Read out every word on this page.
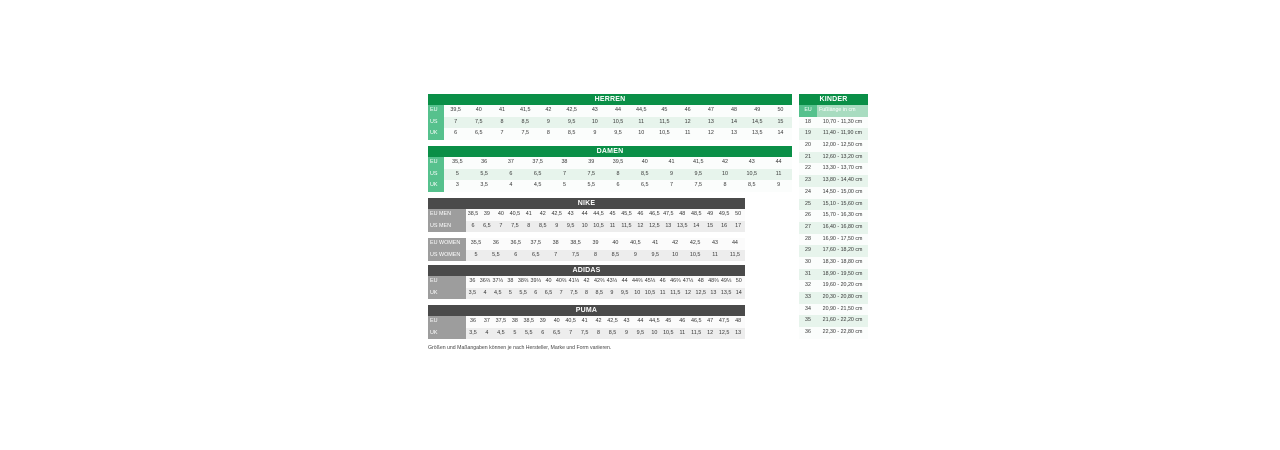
HERREN
EU	39,5	40	41	41,5	42	42,5	43	44	44,5	45	46	47	48	49	50
US	7	7,5	8	8,5	9	9,5	10	10,5	11	11,5	12	13	14	14,5	15
UK	6	6,5	7	7,5	8	8,5	9	9,5	10	10,5	11	12	13	13,5	14
DAMEN
EU	35,5	36	37	37,5	38	39	39,5	40	41	41,5	42	43	44
US	5	5,5	6	6,5	7	7,5	8	8,5	9	9,5	10	10,5	11
UK	3	3,5	4	4,5	5	5,5	6	6,5	7	7,5	8	8,5	9
NIKE
EU MEN	38,5	39	40	40,5	41	42	42,5	43	44	44,5	45	45,5	46	46,5 47,5	48	48,5	49	49,5	50
US MEN	6	6,5	7	7,5	8	8,5	9	9,5	10	10,5	11	11,5	12	12,5	13	13,5	14	15	16	17
EU WOMEN	35,5	36	36,5	37,5	38	38,5	39	40	40,5	41	42	42,5	43	44
US WOMEN	5	5,5	6	6,5	7	7,5	8	8,5	9	9,5	10	10,5	11	11,5
ADIDAS
EU	36 36⅔ 37⅓ 38 38⅔ 39⅓ 40 40⅔ 41⅓ 42 42⅔ 43⅓ 44 44⅔ 45⅓ 46 46⅔ 47⅓ 48 48⅔ 49⅓ 50
UK	3,5	4	4,5	5	5,5	6	6,5	7	7,5	8	8,5	9	9,5	10 10,5 11 11,5 12 12,5 13 13,5 14
PUMA
EU	36	37	37,5	38	38,5	39	40	40,5	41	42	42,5	43	44	44,5	45	46	46,5	47	47,5	48
UK	3,5	4	4,5	5	5,5	6	6,5	7	7,5	8	8,5	9	9,5	10	10,5	11	11,5	12	12,5	13
Größen und Maßangaben können je nach Hersteller, Marke und Form variieren.
KINDER
EU	Fußlänge in cm
18	10,70 - 11,30 cm
19	11,40 - 11,90 cm
20	12,00 - 12,50 cm
21	12,60 - 13,20 cm
22	13,30 - 13,70 cm
23	13,80 - 14,40 cm
24	14,50 - 15,00 cm
25	15,10 - 15,60 cm
26	15,70 - 16,30 cm
27	16,40 - 16,80 cm
28	16,90 - 17,50 cm
29	17,60 - 18,20 cm
30	18,30 - 18,80 cm
31	18,90 - 19,50 cm
32	19,60 - 20,20 cm
33	20,30 - 20,80 cm
34	20,90 - 21,50 cm
35	21,60 - 22,20 cm
36	22,30 - 22,80 cm
